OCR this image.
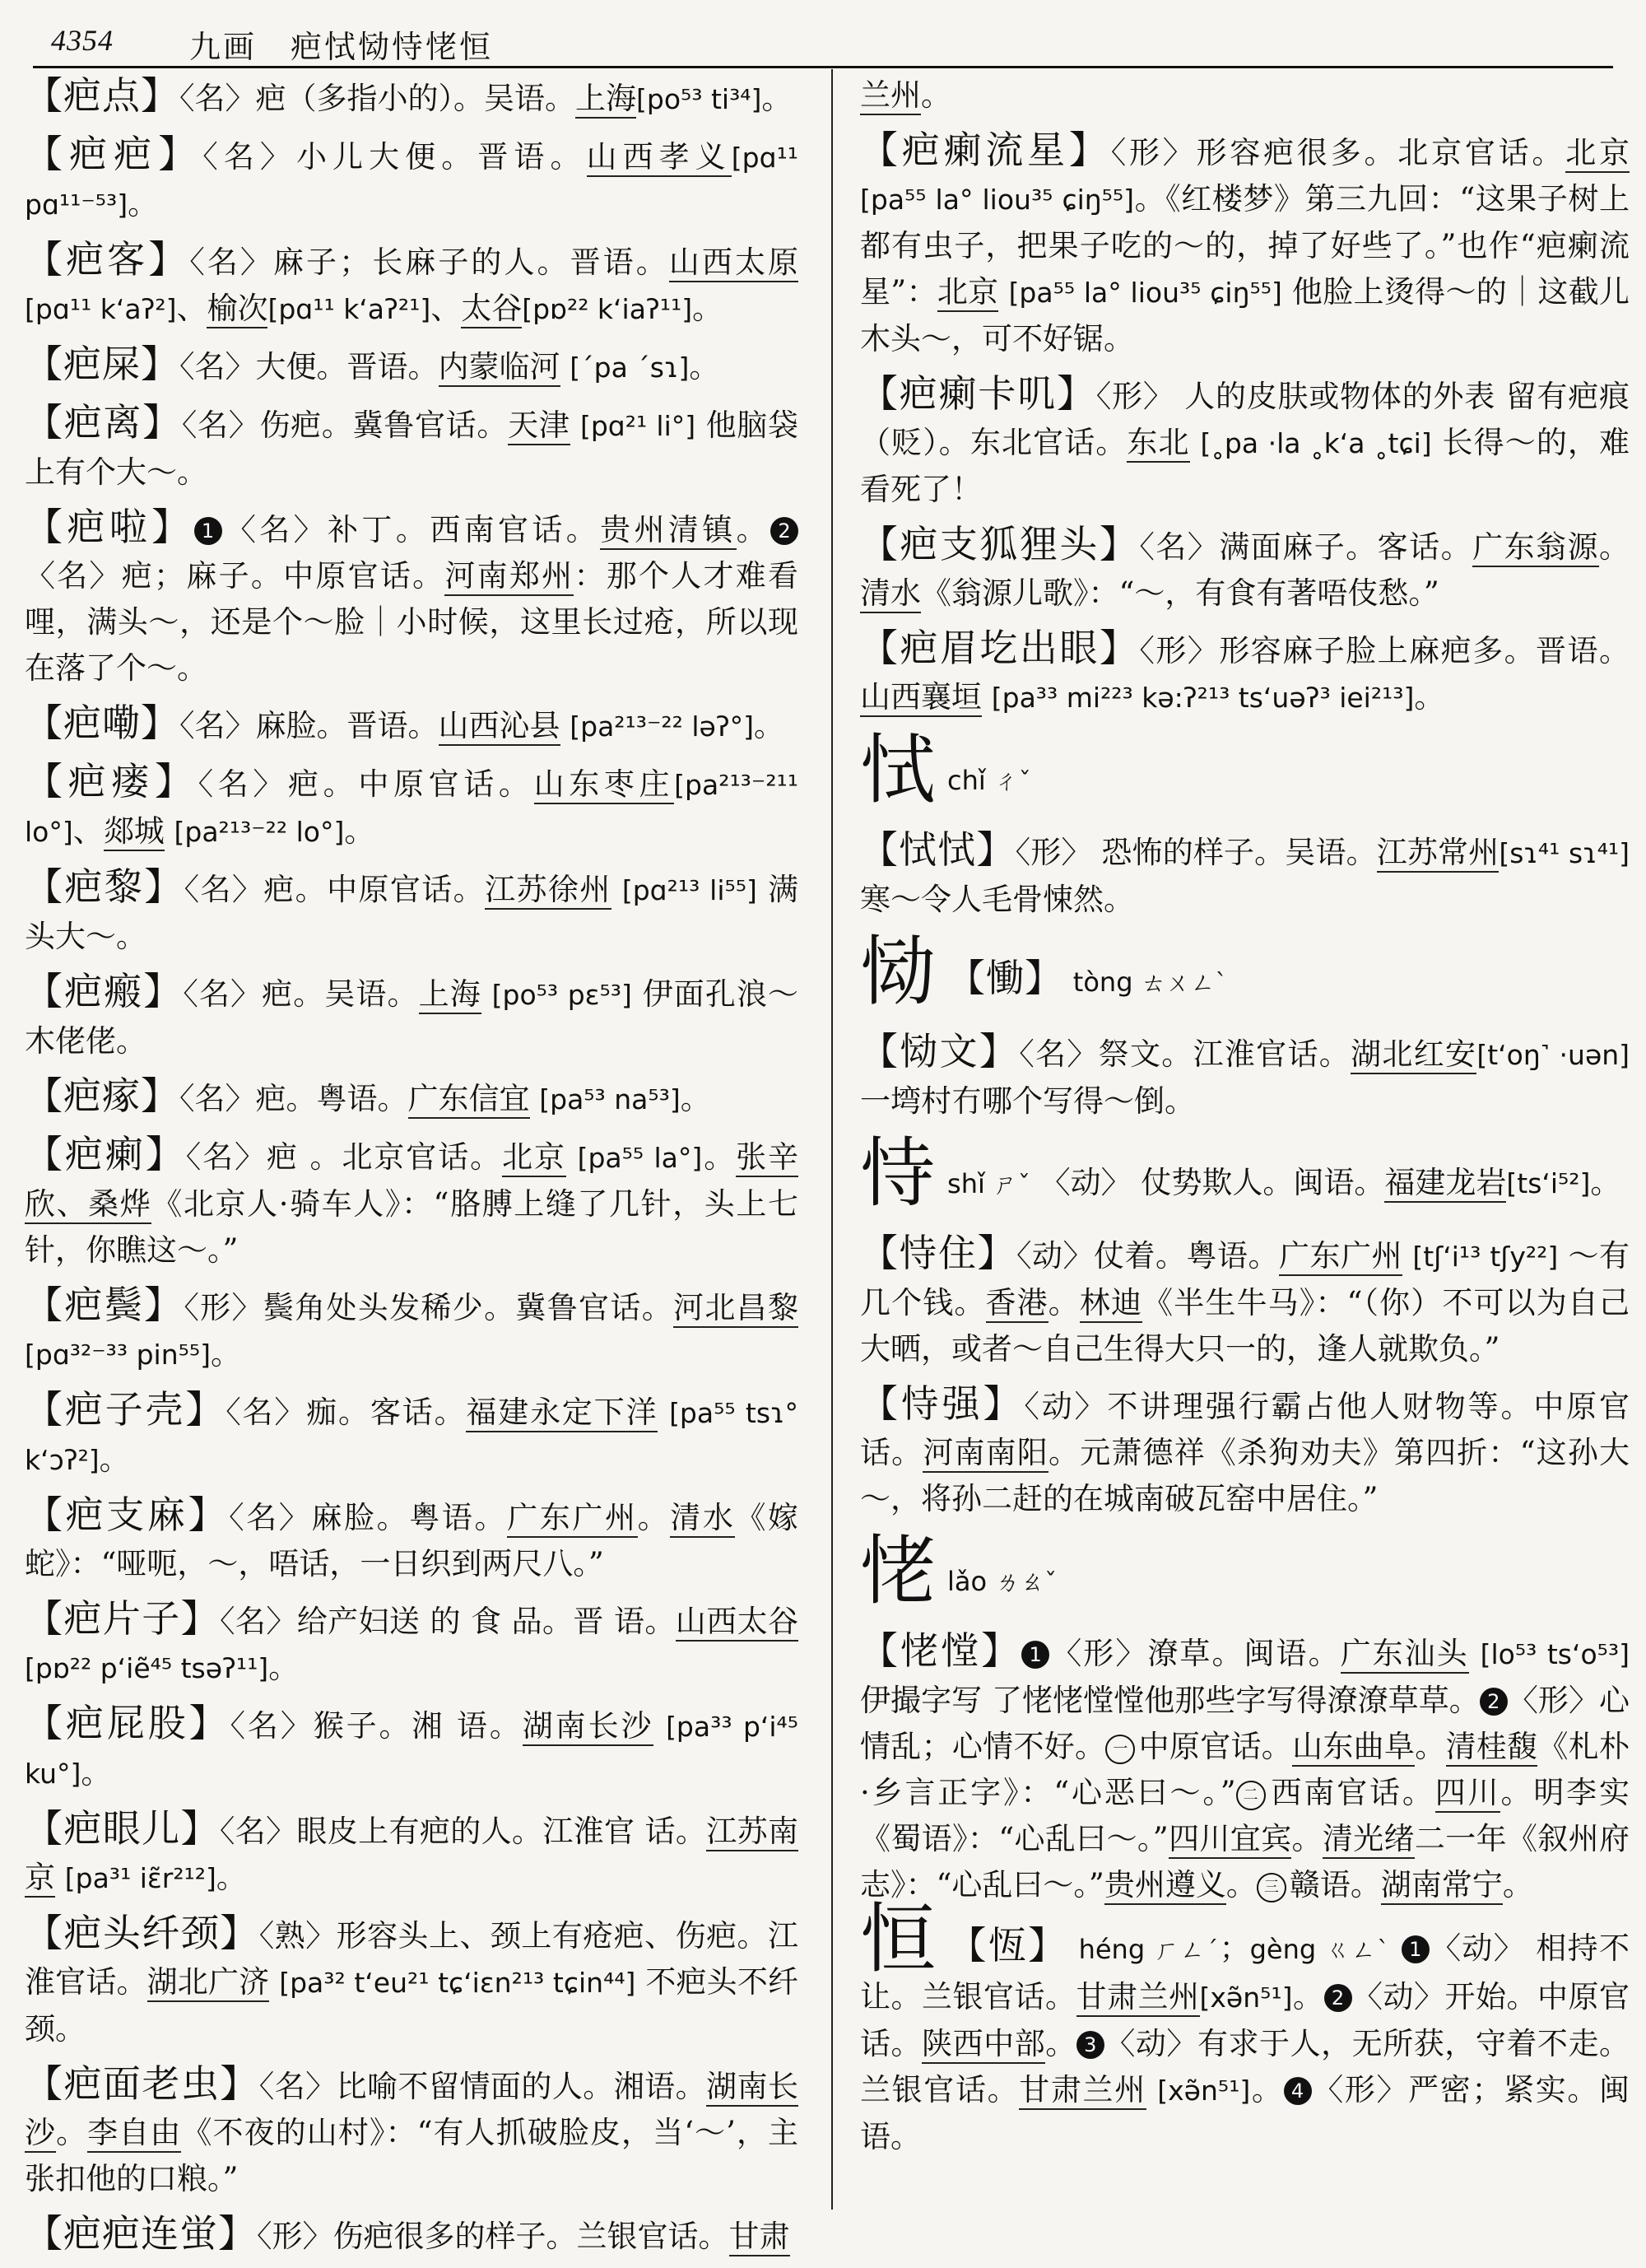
4354 九画　疤恜恸恃恅恒
【疤点】〈名〉疤（多指小的）。吴语。上海[po⁵³ ti³⁴]。
【疤疤】〈名〉小儿大便。晋语。山西孝义[pɑ¹¹ pɑ¹¹⁻⁵³]。
【疤客】〈名〉麻子；长麻子的人。晋语。山西太原[pɑ¹¹ k‘aʔ²]、榆次[pɑ¹¹ k‘aʔ²¹]、太谷[pɒ²² k‘iaʔ¹¹]。
【疤屎】〈名〉大便。晋语。内蒙临河 [ˊpa ˊsɿ]。
【疤离】〈名〉伤疤。冀鲁官话。天津 [pɑ²¹ li°] 他脑袋上有个大～。
【疤啦】 1 〈名〉补丁。西南官话。贵州清镇。 2〈名〉疤；麻子。中原官话。河南郑州：那个人才难看哩，满头～，还是个～脸｜小时候，这里长过疮，所以现在落了个～。
【疤嘞】〈名〉麻脸。晋语。山西沁县 [pa²¹³⁻²² ləʔ°]。
【疤瘘】〈名〉疤。中原官话。山东枣庄[pa²¹³⁻²¹¹ lo°]、郯城 [pa²¹³⁻²² lo°]。
【疤黎】〈名〉疤。中原官话。江苏徐州 [pɑ²¹³ li⁵⁵] 满头大～。
【疤瘢】〈名〉疤。吴语。上海 [po⁵³ pɛ⁵³] 伊面孔浪～木佬佬。
【疤瘃】〈名〉疤。粤语。广东信宜 [pa⁵³ na⁵³]。
【疤瘌】〈名〉疤 。北京官话。北京 [pa⁵⁵ la°]。张辛欣、桑烨《北京人·骑车人》：“胳膊上缝了几针，头上七针，你瞧这～。”
【疤鬓】〈形〉鬓角处头发稀少。冀鲁官话。河北昌黎 [pɑ³²⁻³³ pin⁵⁵]。
【疤子壳】〈名〉痂。客话。福建永定下洋 [pa⁵⁵ tsɿ° k‘ɔʔ²]。
【疤支麻】〈名〉麻脸。粤语。广东广州。清水《嫁蛇》：“哑呃，～，唔话，一日织到两尺八。”
【疤片子】〈名〉给产妇送 的 食 品。晋 语。山西太谷 [pɒ²² p‘iẽ⁴⁵ tsəʔ¹¹]。
【疤屁股】〈名〉猴子。湘 语。湖南长沙 [pa³³ p‘i⁴⁵ ku°]。
【疤眼儿】〈名〉眼皮上有疤的人。江淮官 话。江苏南京 [pa³¹ iɛ̃r²¹²]。
【疤头纤颈】〈熟〉形容头上、颈上有疮疤、伤疤。江淮官话。湖北广济 [pa³² t‘eu²¹ tɕ‘iɛn²¹³ tɕin⁴⁴] 不疤头不纤颈。
【疤面老虫】〈名〉比喻不留情面的人。湘语。湖南长沙。李自由《不夜的山村》：“有人抓破脸皮，当‘～’，主张扣他的口粮。”
【疤疤连蛍】〈形〉伤疤很多的样子。兰银官话。甘肃
兰州。
【疤瘌流星】〈形〉形容疤很多。北京官话。北京[pa⁵⁵ la° liou³⁵ ɕiŋ⁵⁵]。《红楼梦》第三九回：“这果子树上都有虫子，把果子吃的～的，掉了好些了。”也作“疤瘌流星”：北京 [pa⁵⁵ la° liou³⁵ ɕiŋ⁵⁵] 他脸上烫得～的｜这截儿木头～，可不好锯。
【疤瘌卡叽】〈形〉 人的皮肤或物体的外表 留有疤痕（贬）。东北官话。东北 [˳pa ·la ˳k‘a ˳tɕi] 长得～的，难看死了！
【疤支狐狸头】〈名〉满面麻子。客话。广东翁源。清水《翁源儿歌》：“～，有食有著唔伎愁。”
【疤眉圪出眼】〈形〉形容麻子脸上麻疤多。晋语。山西襄垣 [pa³³ mi²²³ kə:ʔ²¹³ ts‘uəʔ³ iei²¹³]。
恜chǐ ㄔˇ
【恜恜】〈形〉 恐怖的样子。吴语。江苏常州[sɿ⁴¹ sɿ⁴¹] 寒～令人毛骨悚然。
恸 【慟】 tòng ㄊㄨㄥˋ
【恸文】〈名〉祭文。江淮官话。湖北红安[t‘oŋ˺ ·uən] 一塆村冇哪个写得～倒。
恃shǐ ㄕˇ 〈动〉 仗势欺人。闽语。福建龙岩[ts‘i⁵²]。
【恃住】〈动〉仗着。粤语。广东广州 [tʃ‘i¹³ tʃy²²] ～有几个钱。香港。林迪《半生牛马》：“（你）不可以为自己大晒，或者～自己生得大只一的，逢人就欺负。”
【恃强】〈动〉不讲理强行霸占他人财物等。中原官话。河南南阳。元萧德祥《杀狗劝夫》第四折：“这孙大～，将孙二赶的在城南破瓦窑中居住。”
恅lǎo ㄌㄠˇ
【恅憆】 1 〈形〉潦草。闽语。广东汕头 [lo⁵³ ts‘o⁵³] 伊撮字写 了恅恅憆憆他那些字写得潦潦草草。 2 〈形〉心情乱；心情不好。 一 中原官话。山东曲阜。清桂馥《札朴·乡言正字》：“心恶曰～。” 二 西南官话。四川。明李实《蜀语》：“心乱曰～。”四川宜宾。清光绪二一年《叙州府志》：“心乱曰～。”贵州遵义。 三 赣语。湖南常宁。
恒 【恆】 héng ㄏㄥˊ；gèng ㄍㄥˋ 1 〈动〉 相持不让。兰银官话。甘肃兰州[xə̃n⁵¹]。 2 〈动〉开始。中原官话。陕西中部。 3 〈动〉有求于人，无所获，守着不走。兰银官话。甘肃兰州 [xə̃n⁵¹]。 4 〈形〉严密；紧实。闽语。
